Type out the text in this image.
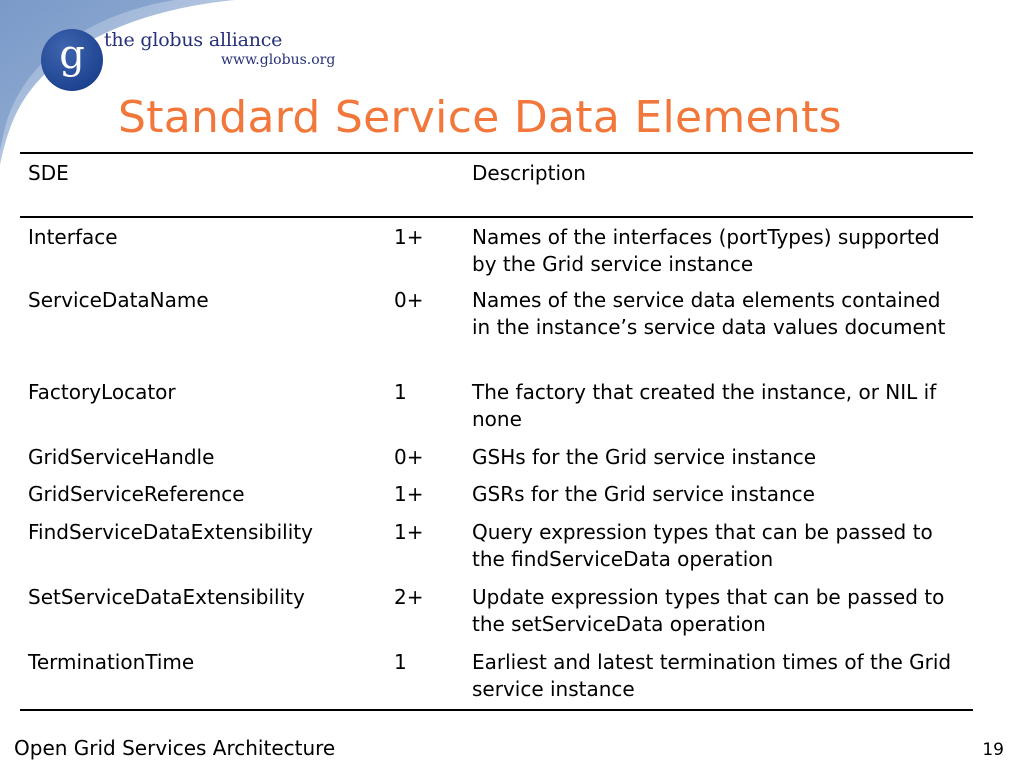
g the globus alliance
www.globus.org
Standard Service Data Elements
SDE	Description
Interface	1+ Names of the interfaces (portTypes) supported by the Grid service instance
ServiceDataName	0+ Names of the service data elements contained in the instance’s service data values document
FactoryLocator	1	The factory that created the instance, or NIL if none
GridServiceHandle	0+ GSHs for the Grid service instance
GridServiceReference	1+ GSRs for the Grid service instance
FindServiceDataExtensibility	1+ Query expression types that can be passed to the findServiceData operation
SetServiceDataExtensibility	2+ Update expression types that can be passed to the setServiceData operation
TerminationTime	1	Earliest and latest termination times of the Grid service instance
Open Grid Services Architecture	19
